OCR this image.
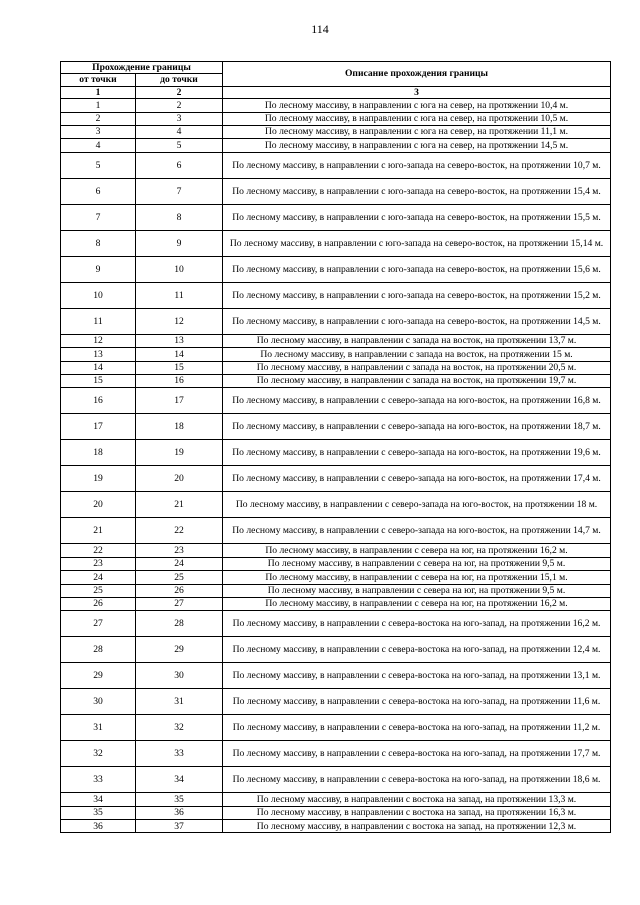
114
Прохождение границы		Описание прохождения границы
от точки	до точки	
1	2	3
1	2	По лесному массиву, в направлении с юга на север, на протяжении 10,4 м.
2	3	По лесному массиву, в направлении с юга на север, на протяжении 10,5 м.
3	4	По лесному массиву, в направлении с юга на север, на протяжении 11,1 м.
4	5	По лесному массиву, в направлении с юга на север, на протяжении 14,5 м.
5	6	По лесному массиву, в направлении с юго-запада на северо-восток, на протяжении 10,7 м.
6	7	По лесному массиву, в направлении с юго-запада на северо-восток, на протяжении 15,4 м.
7	8	По лесному массиву, в направлении с юго-запада на северо-восток, на протяжении 15,5 м.
8	9	По лесному массиву, в направлении с юго-запада на северо-восток, на протяжении 15,14 м.
9	10	По лесному массиву, в направлении с юго-запада на северо-восток, на протяжении 15,6 м.
10	11	По лесному массиву, в направлении с юго-запада на северо-восток, на протяжении 15,2 м.
11	12	По лесному массиву, в направлении с юго-запада на северо-восток, на протяжении 14,5 м.
12	13	По лесному массиву, в направлении с запада на восток, на протяжении 13,7 м.
13	14	По лесному массиву, в направлении с запада на восток, на протяжении 15 м.
14	15	По лесному массиву, в направлении с запада на восток, на протяжении 20,5 м.
15	16	По лесному массиву, в направлении с запада на восток, на протяжении 19,7 м.
16	17	По лесному массиву, в направлении с северо-запада на юго-восток, на протяжении 16,8 м.
17	18	По лесному массиву, в направлении с северо-запада на юго-восток, на протяжении 18,7 м.
18	19	По лесному массиву, в направлении с северо-запада на юго-восток, на протяжении 19,6 м.
19	20	По лесному массиву, в направлении с северо-запада на юго-восток, на протяжении 17,4 м.
20	21	По лесному массиву, в направлении с северо-запада на юго-восток, на протяжении 18 м.
21	22	По лесному массиву, в направлении с северо-запада на юго-восток, на протяжении 14,7 м.
22	23	По лесному массиву, в направлении с севера на юг, на протяжении 16,2 м.
23	24	По лесному массиву, в направлении с севера на юг, на протяжении 9,5 м.
24	25	По лесному массиву, в направлении с севера на юг, на протяжении 15,1 м.
25	26	По лесному массиву, в направлении с севера на юг, на протяжении 9,5 м.
26	27	По лесному массиву, в направлении с севера на юг, на протяжении 16,2 м.
27	28	По лесному массиву, в направлении с севера-востока на юго-запад, на протяжении 16,2 м.
28	29	По лесному массиву, в направлении с севера-востока на юго-запад, на протяжении 12,4 м.
29	30	По лесному массиву, в направлении с севера-востока на юго-запад, на протяжении 13,1 м.
30	31	По лесному массиву, в направлении с севера-востока на юго-запад, на протяжении 11,6 м.
31	32	По лесному массиву, в направлении с севера-востока на юго-запад, на протяжении 11,2 м.
32	33	По лесному массиву, в направлении с севера-востока на юго-запад, на протяжении 17,7 м.
33	34	По лесному массиву, в направлении с севера-востока на юго-запад, на протяжении 18,6 м.
34	35	По лесному массиву, в направлении с востока на запад, на протяжении 13,3 м.
35	36	По лесному массиву, в направлении с востока на запад, на протяжении 16,3 м.
36	37	По лесному массиву, в направлении с востока на запад, на протяжении 12,3 м.
